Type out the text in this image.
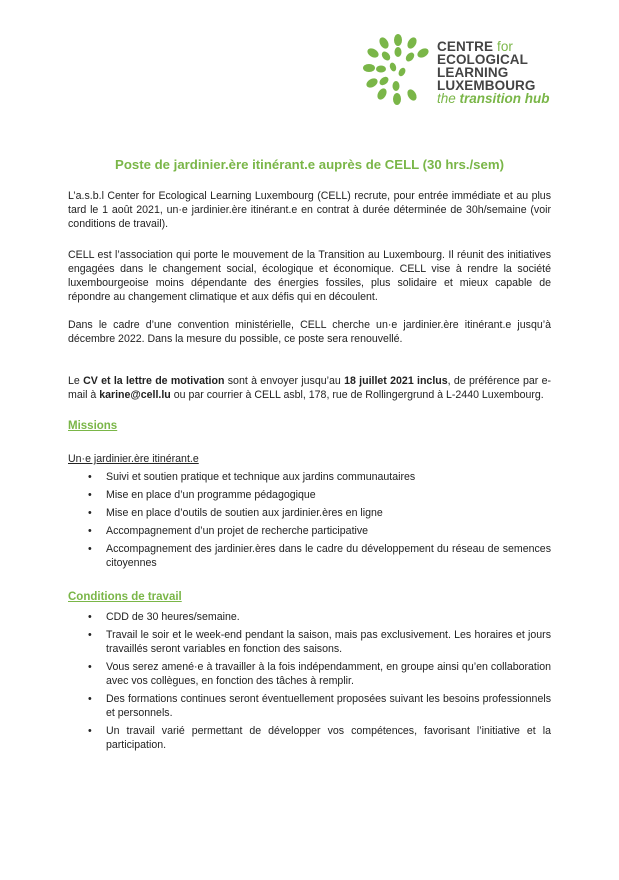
CENTRE for
ECOLOGICAL
LEARNING
LUXEMBOURG
the transition hub
Poste de jardinier.ère itinérant.e auprès de CELL (30 hrs./sem)
L’a.s.b.l Center for Ecological Learning Luxembourg (CELL) recrute, pour entrée immédiate et au plus tard le 1 août 2021, un·e jardinier.ère itinérant.e en contrat à durée déterminée de 30h/semaine (voir conditions de travail).
CELL est l’association qui porte le mouvement de la Transition au Luxembourg. Il réunit des initiatives engagées dans le changement social, écologique et économique. CELL vise à rendre la société luxembourgeoise moins dépendante des énergies fossiles, plus solidaire et mieux capable de répondre au changement climatique et aux défis qui en découlent.
Dans le cadre d’une convention ministérielle, CELL cherche un·e jardinier.ère itinérant.e jusqu’à décembre 2022. Dans la mesure du possible, ce poste sera renouvellé.
Le CV et la lettre de motivation sont à envoyer jusqu’au 18 juillet 2021 inclus, de préférence par e-mail à karine@cell.lu ou par courrier à CELL asbl, 178, rue de Rollingergrund à L-2440 Luxembourg.
Missions
Un·e jardinier.ère itinérant.e
• Suivi et soutien pratique et technique aux jardins communautaires
• Mise en place d’un programme pédagogique
• Mise en place d’outils de soutien aux jardinier.ères en ligne
• Accompagnement d’un projet de recherche participative
• Accompagnement des jardinier.ères dans le cadre du développement du réseau de semences citoyennes
Conditions de travail
• CDD de 30 heures/semaine.
• Travail le soir et le week-end pendant la saison, mais pas exclusivement. Les horaires et jours travaillés seront variables en fonction des saisons.
• Vous serez amené·e à travailler à la fois indépendamment, en groupe ainsi qu’en collaboration avec vos collègues, en fonction des tâches à remplir.
• Des formations continues seront éventuellement proposées suivant les besoins professionnels et personnels.
• Un travail varié permettant de développer vos compétences, favorisant l’initiative et la participation.
